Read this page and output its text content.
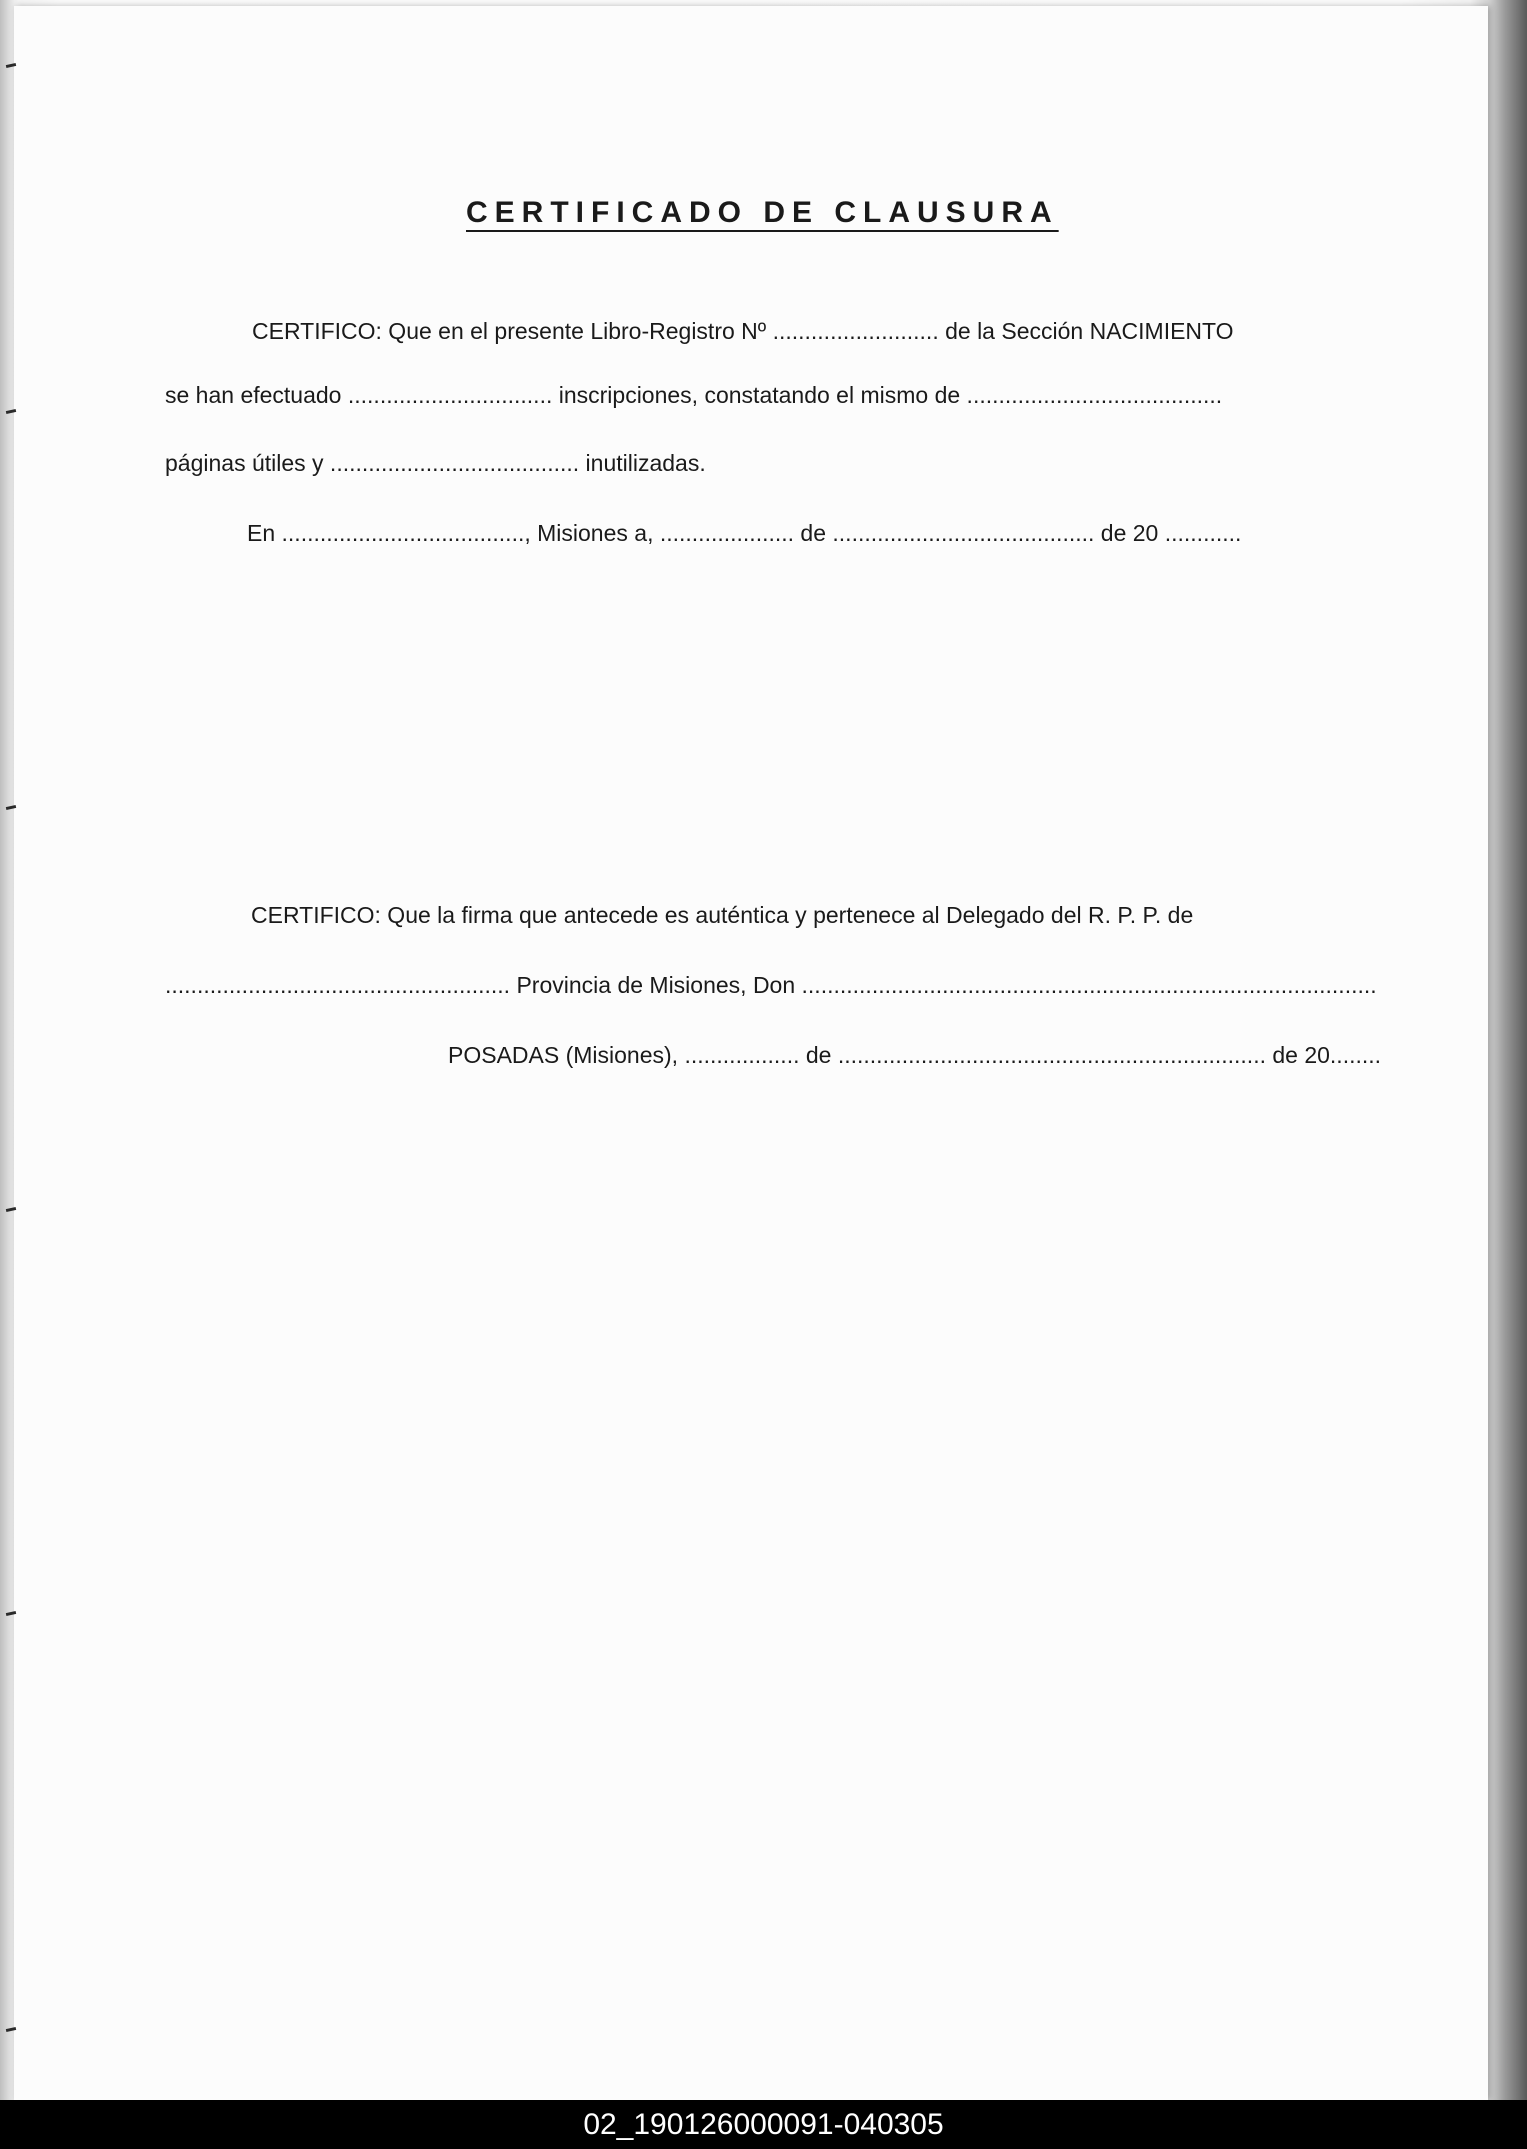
CERTIFICADO DE CLAUSURA
CERTIFICO: Que en el presente Libro-Registro Nº .......................... de la Sección NACIMIENTO
se han efectuado ................................ inscripciones, constatando el mismo de ........................................
páginas útiles y ....................................... inutilizadas.
En ......................................, Misiones a, ..................... de ......................................... de 20 ............
CERTIFICO: Que la firma que antecede es auténtica y pertenece al Delegado del R. P. P. de
...................................................... Provincia de Misiones, Don ..........................................................................................
POSADAS (Misiones), .................. de ................................................................... de 20........
02_190126000091-040305
